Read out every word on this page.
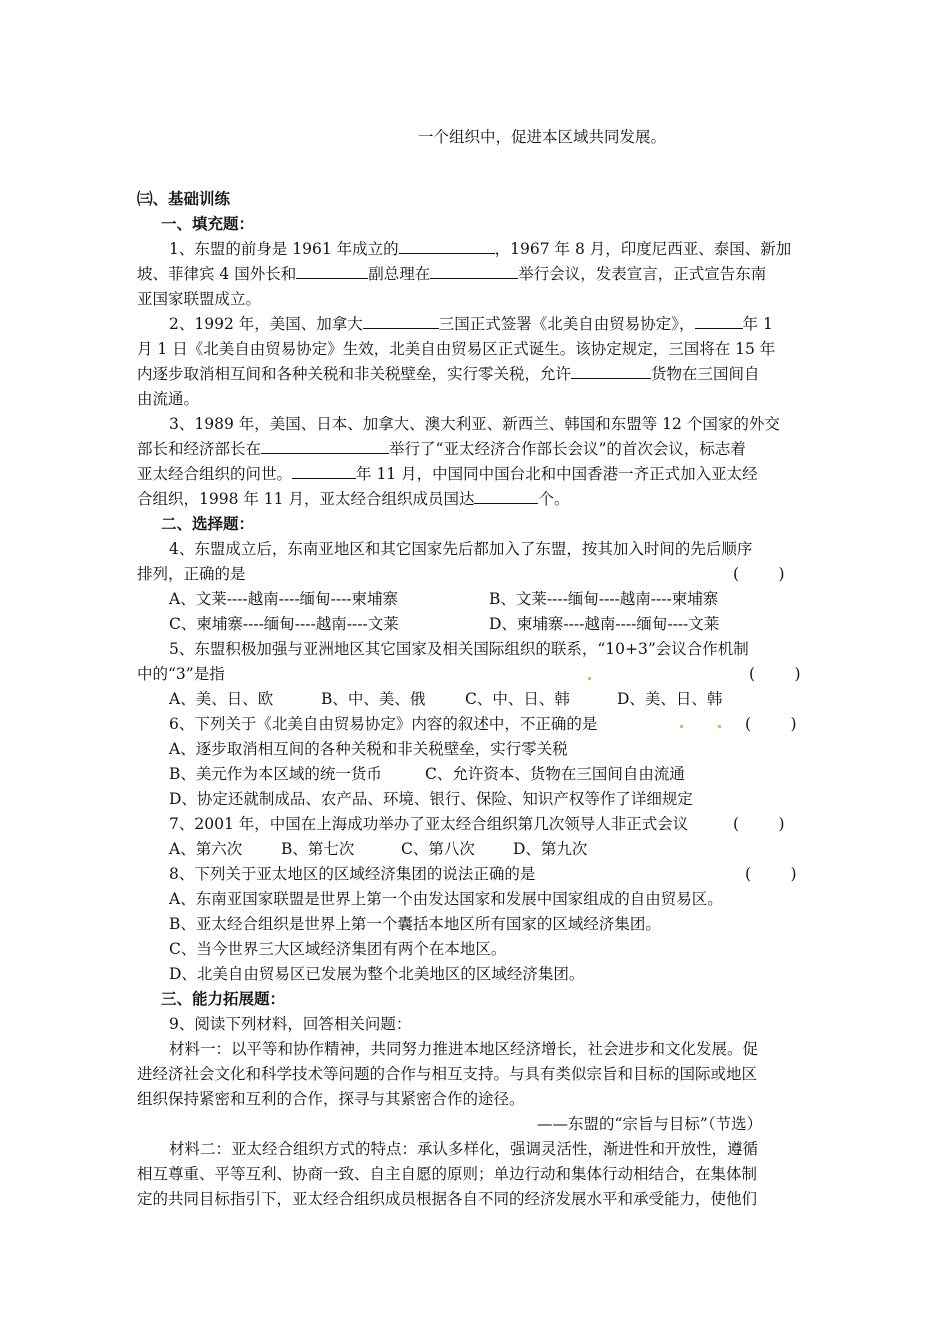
一个组织中，促进本区域共同发展。
㈢、基础训练
一、填充题：
1、东盟的前身是 1961 年成立的	，1967 年 8 月，印度尼西亚、泰国、新加
坡、菲律宾 4 国外长和	副总理在	举行会议，发表宣言，正式宣告东南
亚国家联盟成立。
2、1992 年，美国、加拿大	三国正式签署《北美自由贸易协定》，	年 1
月 1 日《北美自由贸易协定》生效，北美自由贸易区正式诞生。该协定规定，三国将在 15 年
内逐步取消相互间和各种关税和非关税壁垒，实行零关税，允许	货物在三国间自
由流通。
3、1989 年，美国、日本、加拿大、澳大利亚、新西兰、韩国和东盟等 12 个国家的外交
部长和经济部长在	举行了“亚太经济合作部长会议”的首次会议，标志着
亚太经合组织的问世。	年 11 月，中国同中国台北和中国香港一齐正式加入亚太经
合组织，1998 年 11 月，亚太经合组织成员国达	个。
二、选择题：
4、东盟成立后，东南亚地区和其它国家先后都加入了东盟，按其加入时间的先后顺序
排列，正确的是	(        )
A、文莱----越南----缅甸----柬埔寨	B、文莱----缅甸----越南----柬埔寨
C、柬埔寨----缅甸----越南----文莱	D、柬埔寨----越南----缅甸----文莱
5、东盟积极加强与亚洲地区其它国家及相关国际组织的联系，“10+3”会议合作机制
中的“3”是指	(        )
A、美、日、欧	B、中、美、俄	C、中、日、韩	D、美、日、韩
6、下列关于《北美自由贸易协定》内容的叙述中，不正确的是	(        )
A、逐步取消相互间的各种关税和非关税壁垒，实行零关税
B、美元作为本区域的统一货币	C、允许资本、货物在三国间自由流通
D、协定还就制成品、农产品、环境、银行、保险、知识产权等作了详细规定
7、2001 年，中国在上海成功举办了亚太经合组织第几次领导人非正式会议	(        )
A、第六次	B、第七次	C、第八次 D、第九次
8、下列关于亚太地区的区域经济集团的说法正确的是	(        )
A、东南亚国家联盟是世界上第一个由发达国家和发展中国家组成的自由贸易区。
B、亚太经合组织是世界上第一个囊括本地区所有国家的区域经济集团。
C、当今世界三大区域经济集团有两个在本地区。
D、北美自由贸易区已发展为整个北美地区的区域经济集团。
三、能力拓展题：
9、阅读下列材料，回答相关问题：
材料一：以平等和协作精神，共同努力推进本地区经济增长，社会进步和文化发展。促
进经济社会文化和科学技术等问题的合作与相互支持。与具有类似宗旨和目标的国际或地区
组织保持紧密和互利的合作，探寻与其紧密合作的途径。
——东盟的“宗旨与目标”（节选）
材料二：亚太经合组织方式的特点：承认多样化，强调灵活性，渐进性和开放性，遵循
相互尊重、平等互利、协商一致、自主自愿的原则；单边行动和集体行动相结合，在集体制
定的共同目标指引下，亚太经合组织成员根据各自不同的经济发展水平和承受能力，使他们
